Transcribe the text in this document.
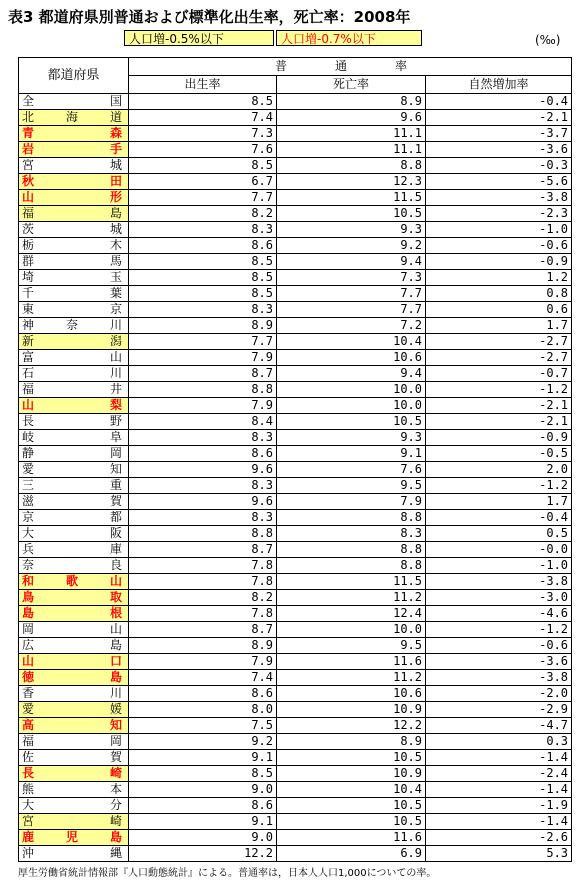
表3 都道府県別普通および標準化出生率，死亡率：2008年
人口増-0.5%以下	人口増-0.7%以下	(‰)
都道府県	普　通　率		
	出生率	死亡率	自然増加率

全 国	8.5	8.9	-0.4

北 海 道	7.4	9.6	-2.1

青 森	7.3	11.1	-3.7

岩 手	7.6	11.1	-3.6

宮 城	8.5	8.8	-0.3

秋 田	6.7	12.3	-5.6

山 形	7.7	11.5	-3.8

福 島	8.2	10.5	-2.3

茨 城	8.3	9.3	-1.0

栃 木	8.6	9.2	-0.6

群 馬	8.5	9.4	-0.9

埼 玉	8.5	7.3	1.2

千 葉	8.5	7.7	0.8

東 京	8.3	7.7	0.6

神 奈 川	8.9	7.2	1.7

新 潟	7.7	10.4	-2.7

富 山	7.9	10.6	-2.7

石 川	8.7	9.4	-0.7

福 井	8.8	10.0	-1.2

山 梨	7.9	10.0	-2.1

長 野	8.4	10.5	-2.1

岐 阜	8.3	9.3	-0.9

静 岡	8.6	9.1	-0.5

愛 知	9.6	7.6	2.0

三 重	8.3	9.5	-1.2

滋 賀	9.6	7.9	1.7

京 都	8.3	8.8	-0.4

大 阪	8.8	8.3	0.5

兵 庫	8.7	8.8	-0.0

奈 良	7.8	8.8	-1.0

和 歌 山	7.8	11.5	-3.8

鳥 取	8.2	11.2	-3.0

島 根	7.8	12.4	-4.6

岡 山	8.7	10.0	-1.2

広 島	8.9	9.5	-0.6

山 口	7.9	11.6	-3.6

徳 島	7.4	11.2	-3.8

香 川	8.6	10.6	-2.0

愛 媛	8.0	10.9	-2.9

高 知	7.5	12.2	-4.7

福 岡	9.2	8.9	0.3

佐 賀	9.1	10.5	-1.4

長 崎	8.5	10.9	-2.4

熊 本	9.0	10.4	-1.4

大 分	8.6	10.5	-1.9

宮 崎	9.1	10.5	-1.4

鹿 児 島	9.0	11.6	-2.6

沖 縄	12.2	6.9	5.3
厚生労働省統計情報部『人口動態統計』による。普通率は，日本人人口1,000についての率。
